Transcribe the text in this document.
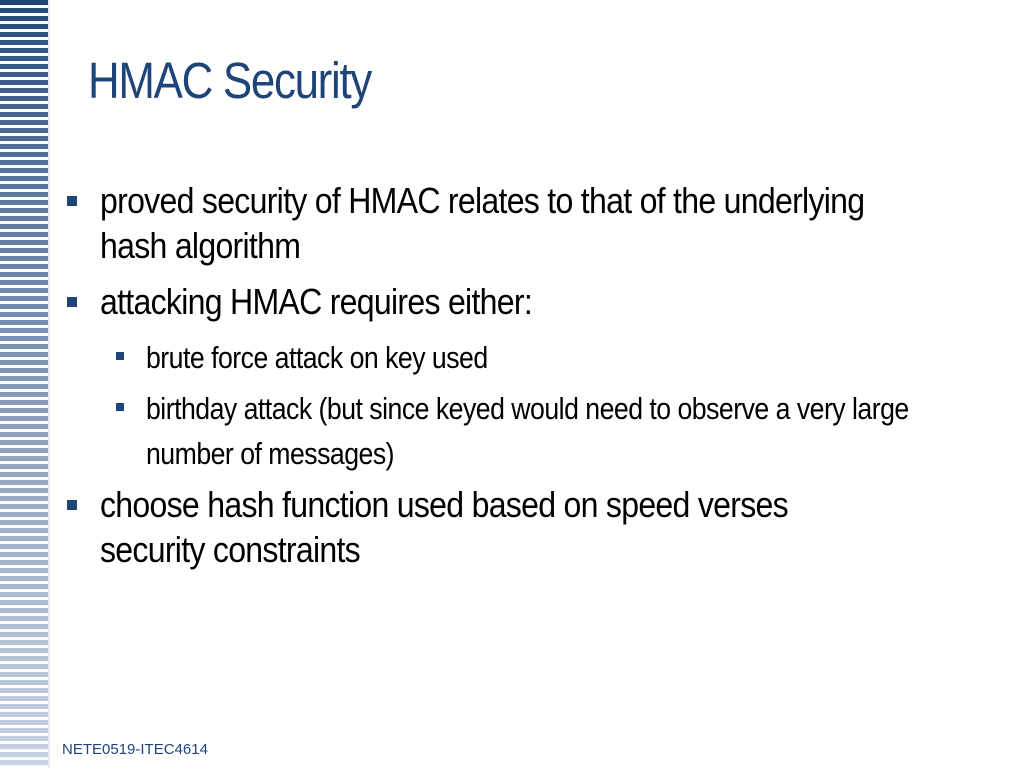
HMAC Security
proved security of HMAC relates to that of the underlying hash algorithm
attacking HMAC requires either:
brute force attack on key used
birthday attack (but since keyed would need to observe a very large number of messages)
choose hash function used based on speed verses security constraints
NETE0519-ITEC4614
